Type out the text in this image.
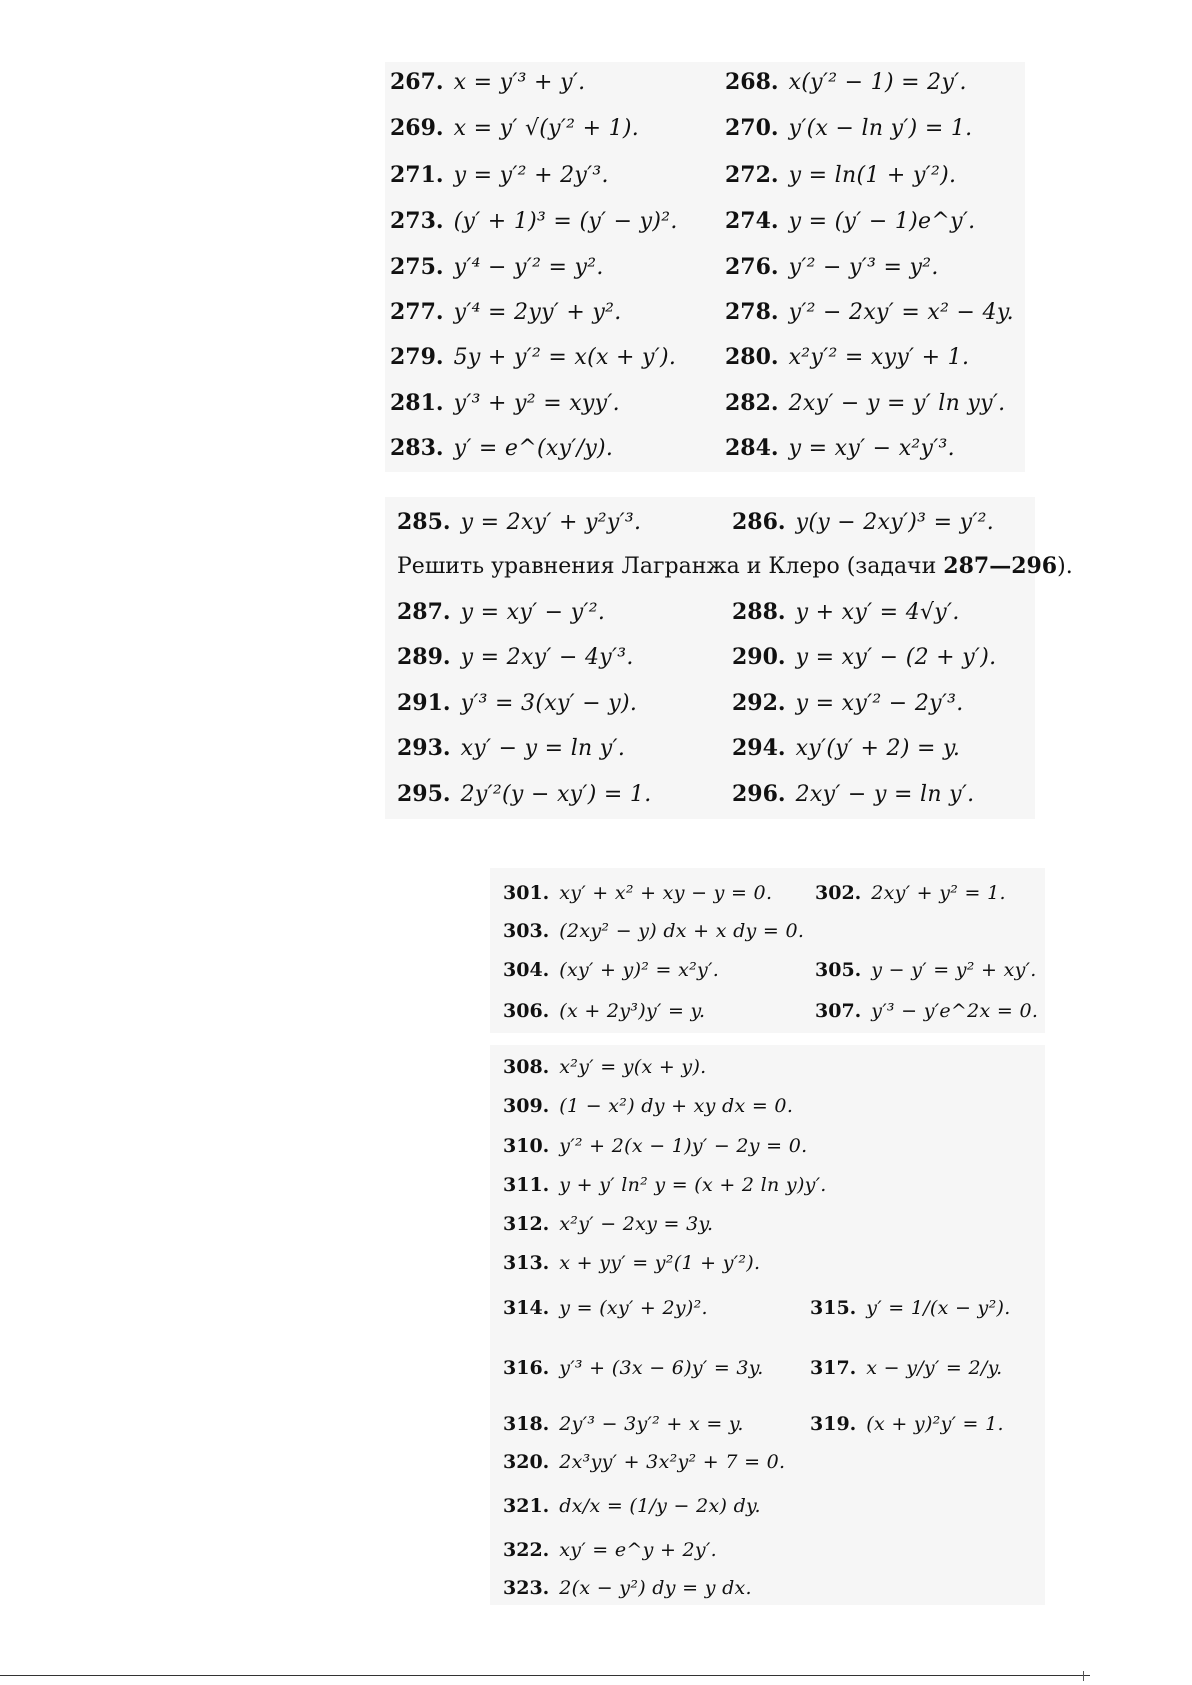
267. x = y′³ + y′.	268. x(y′² − 1) = 2y′.
269. x = y′ √(y′² + 1).	270. y′(x − ln y′) = 1.
271. y = y′² + 2y′³.	272. y = ln(1 + y′²).
273. (y′ + 1)³ = (y′ − y)². 274. y = (y′ − 1)e^y′.
275. y′⁴ − y′² = y².	276. y′² − y′³ = y².
277. y′⁴ = 2yy′ + y².	278. y′² − 2xy′ = x² − 4y.
279. 5y + y′² = x(x + y′). 280. x²y′² = xyy′ + 1.
281. y′³ + y² = xyy′.	282. 2xy′ − y = y′ ln yy′.
283. y′ = e^(xy′/y).	284. y = xy′ − x²y′³.
285. y = 2xy′ + y²y′³.	286. y(y − 2xy′)³ = y′².
Решить уравнения Лагранжа и Клеро (задачи 287—296).
287. y = xy′ − y′².	288. y + xy′ = 4√y′.
289. y = 2xy′ − 4y′³.	290. y = xy′ − (2 + y′).
291. y′³ = 3(xy′ − y).	292. y = xy′² − 2y′³.
293. xy′ − y = ln y′.	294. xy′(y′ + 2) = y.
295. 2y′²(y − xy′) = 1.	296. 2xy′ − y = ln y′.
301. xy′ + x² + xy − y = 0. 302. 2xy′ + y² = 1.
303. (2xy² − y) dx + x dy = 0.
304. (xy′ + y)² = x²y′.	305. y − y′ = y² + xy′.
306. (x + 2y³)y′ = y.	307. y′³ − y′e^2x = 0.
308. x²y′ = y(x + y).
309. (1 − x²) dy + xy dx = 0.
310. y′² + 2(x − 1)y′ − 2y = 0.
311. y + y′ ln² y = (x + 2 ln y)y′.
312. x²y′ − 2xy = 3y.
313. x + yy′ = y²(1 + y′²).
314. y = (xy′ + 2y)².	315. y′ = 1/(x − y²).
316. y′³ + (3x − 6)y′ = 3y. 317. x − y/y′ = 2/y.
318. 2y′³ − 3y′² + x = y.	319. (x + y)²y′ = 1.
320. 2x³yy′ + 3x²y² + 7 = 0.
321. dx/x = (1/y − 2x) dy.
322. xy′ = e^y + 2y′.
323. 2(x − y²) dy = y dx.
